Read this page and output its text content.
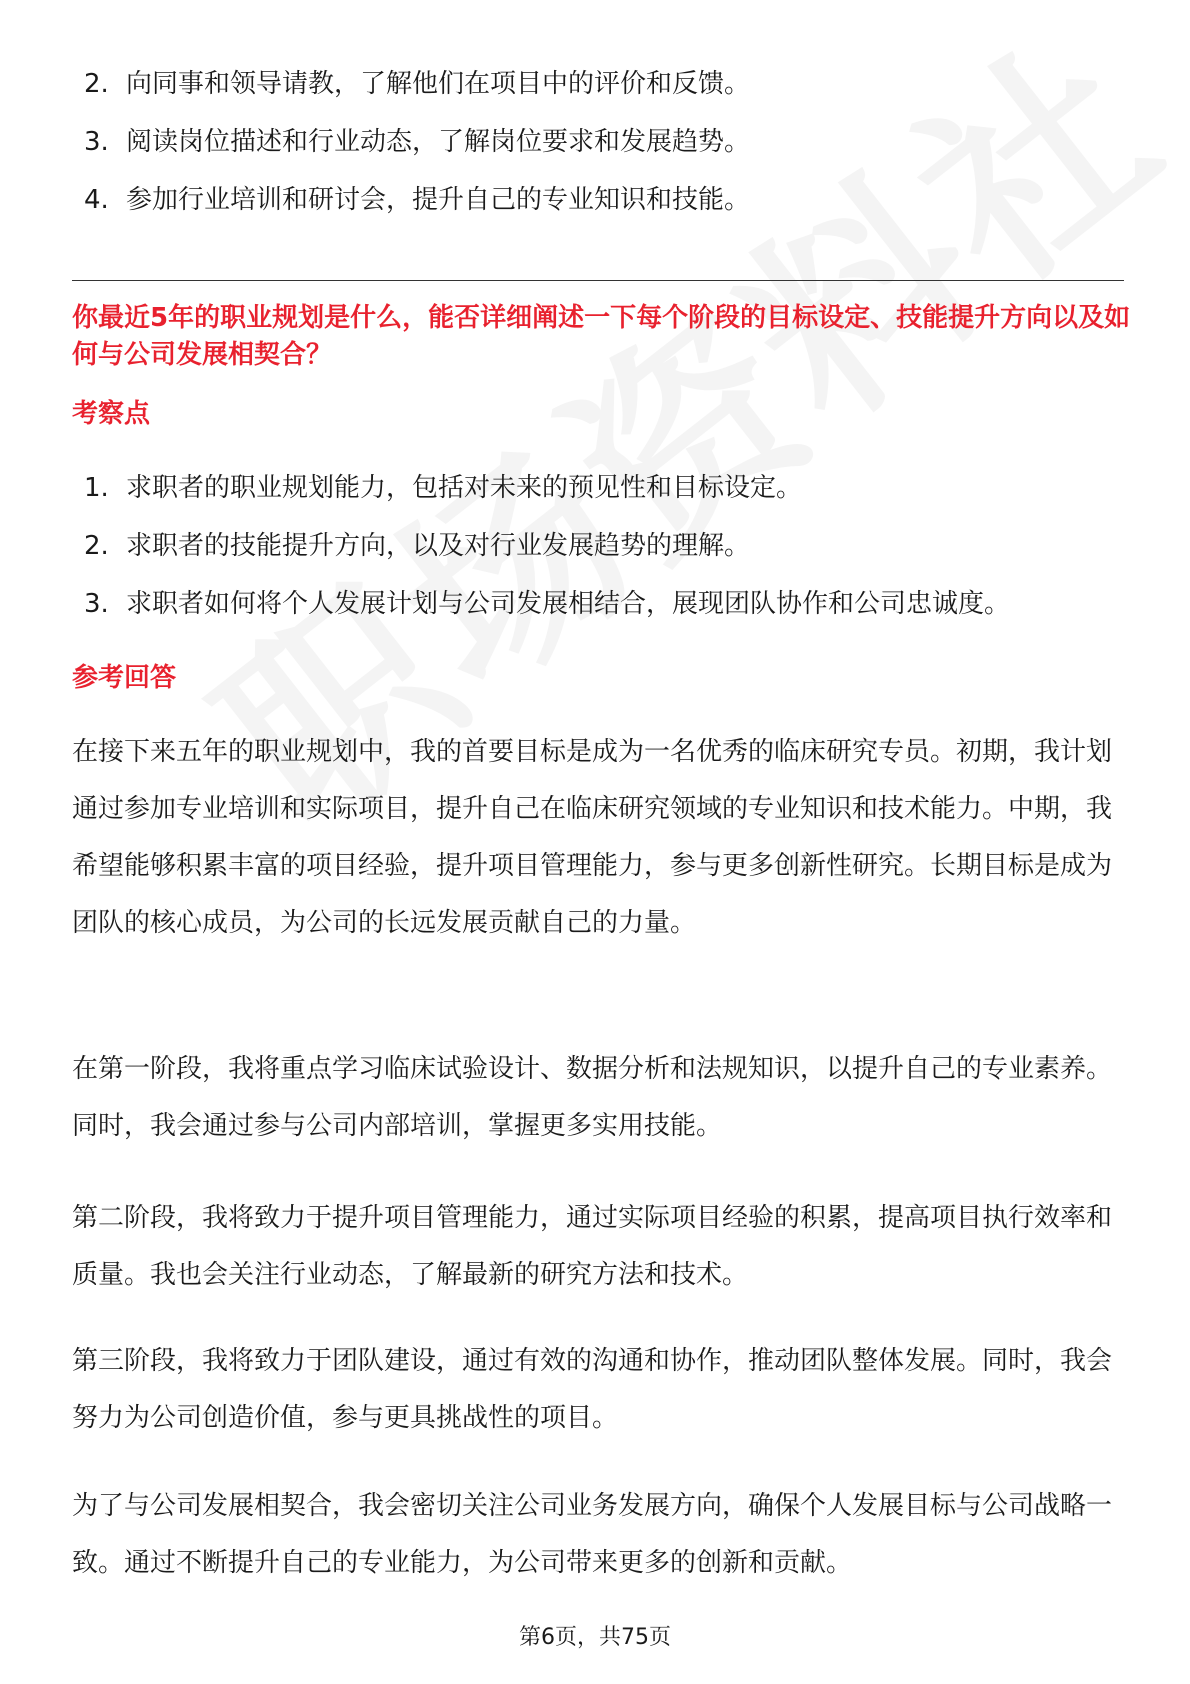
2. 向同事和领导请教，了解他们在项目中的评价和反馈。
3. 阅读岗位描述和行业动态，了解岗位要求和发展趋势。
4. 参加行业培训和研讨会，提升自己的专业知识和技能。
你最近5年的职业规划是什么，能否详细阐述一下每个阶段的目标设定、技能提升方向以及如何与公司发展相契合？
考察点
1. 求职者的职业规划能力，包括对未来的预见性和目标设定。
2. 求职者的技能提升方向，以及对行业发展趋势的理解。
3. 求职者如何将个人发展计划与公司发展相结合，展现团队协作和公司忠诚度。
参考回答

在接下来五年的职业规划中，我的首要目标是成为一名优秀的临床研究专员。初期，我计划通过参加专业培训和实际项目，提升自己在临床研究领域的专业知识和技术能力。中期，我希望能够积累丰富的项目经验，提升项目管理能力，参与更多创新性研究。长期目标是成为团队的核心成员，为公司的长远发展贡献自己的力量。

在第一阶段，我将重点学习临床试验设计、数据分析和法规知识，以提升自己的专业素养。同时，我会通过参与公司内部培训，掌握更多实用技能。

第二阶段，我将致力于提升项目管理能力，通过实际项目经验的积累，提高项目执行效率和质量。我也会关注行业动态，了解最新的研究方法和技术。

第三阶段，我将致力于团队建设，通过有效的沟通和协作，推动团队整体发展。同时，我会努力为公司创造价值，参与更具挑战性的项目。

为了与公司发展相契合，我会密切关注公司业务发展方向，确保个人发展目标与公司战略一致。通过不断提升自己的专业能力，为公司带来更多的创新和贡献。

第6页，共75页
